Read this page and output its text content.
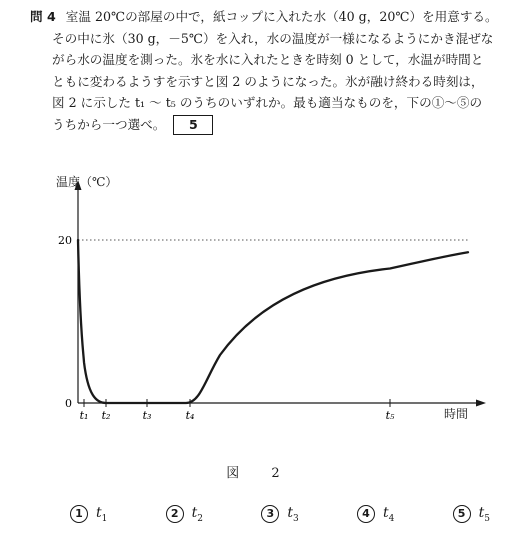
問 4 室温 20℃の部屋の中で，紙コップに入れた水（40 g，20℃）を用意する。
その中に氷（30 g，－5℃）を入れ，水の温度が一様になるようにかき混ぜな
がら水の温度を測った。氷を水に入れたときを時刻 0 として，水温が時間と
ともに変わるようすを示すと図 2 のようになった。氷が融け終わる時刻は，
図 2 に示した t₁ ～ t₅ のうちのいずれか。最も適当なものを，下の①～⑤の
うちから一つ選べ。 5
温度（℃）
時間
20
0
t₁ t₂	t₃	t₄	t₅
図 2
1 $t_1$	2 $t_2$	3 $t_3$	4 $t_4$	5 $t_5$
